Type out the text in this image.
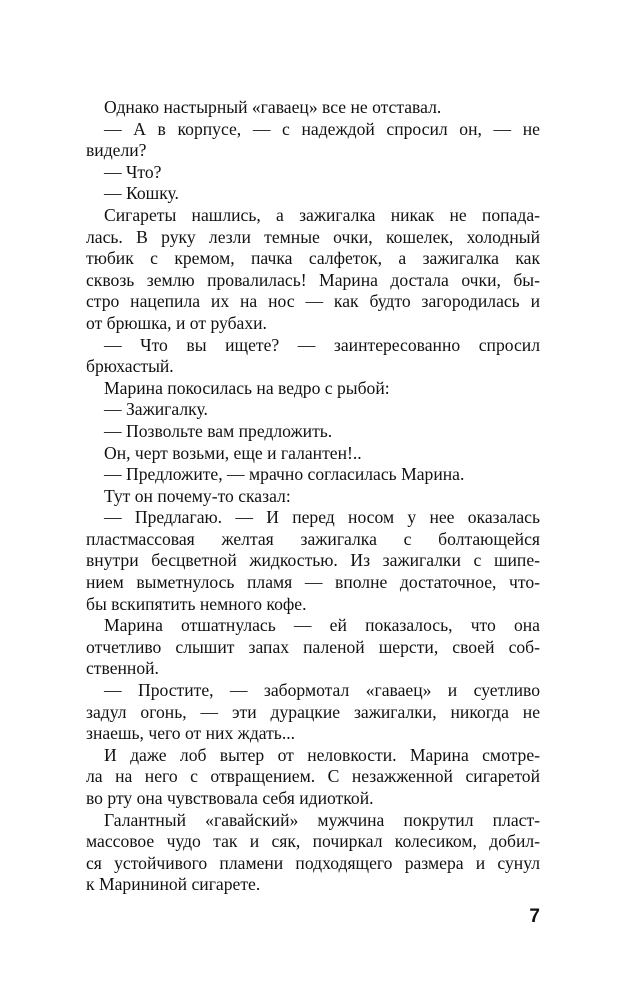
Однако настырный «гаваец» все не отставал.
— А в корпусе, — с надеждой спросил он, — не
видели?
— Что?
— Кошку.
Сигареты нашлись, а зажигалка никак не попада-
лась. В руку лезли темные очки, кошелек, холодный
тюбик с кремом, пачка салфеток, а зажигалка как
сквозь землю провалилась! Марина достала очки, бы-
стро нацепила их на нос — как будто загородилась и
от брюшка, и от рубахи.
— Что вы ищете? — заинтересованно спросил
брюхастый.
Марина покосилась на ведро с рыбой:
— Зажигалку.
— Позвольте вам предложить.
Он, черт возьми, еще и галантен!..
— Предложите, — мрачно согласилась Марина.
Тут он почему-то сказал:
— Предлагаю. — И перед носом у нее оказалась
пластмассовая желтая зажигалка с болтающейся
внутри бесцветной жидкостью. Из зажигалки с шипе-
нием выметнулось пламя — вполне достаточное, что-
бы вскипятить немного кофе.
Марина отшатнулась — ей показалось, что она
отчетливо слышит запах паленой шерсти, своей соб-
ственной.
— Простите, — забормотал «гаваец» и суетливо
задул огонь, — эти дурацкие зажигалки, никогда не
знаешь, чего от них ждать...
И даже лоб вытер от неловкости. Марина смотре-
ла на него с отвращением. С незажженной сигаретой
во рту она чувствовала себя идиоткой.
Галантный «гавайский» мужчина покрутил пласт-
массовое чудо так и сяк, почиркал колесиком, добил-
ся устойчивого пламени подходящего размера и сунул
к Марининой сигарете.
7
